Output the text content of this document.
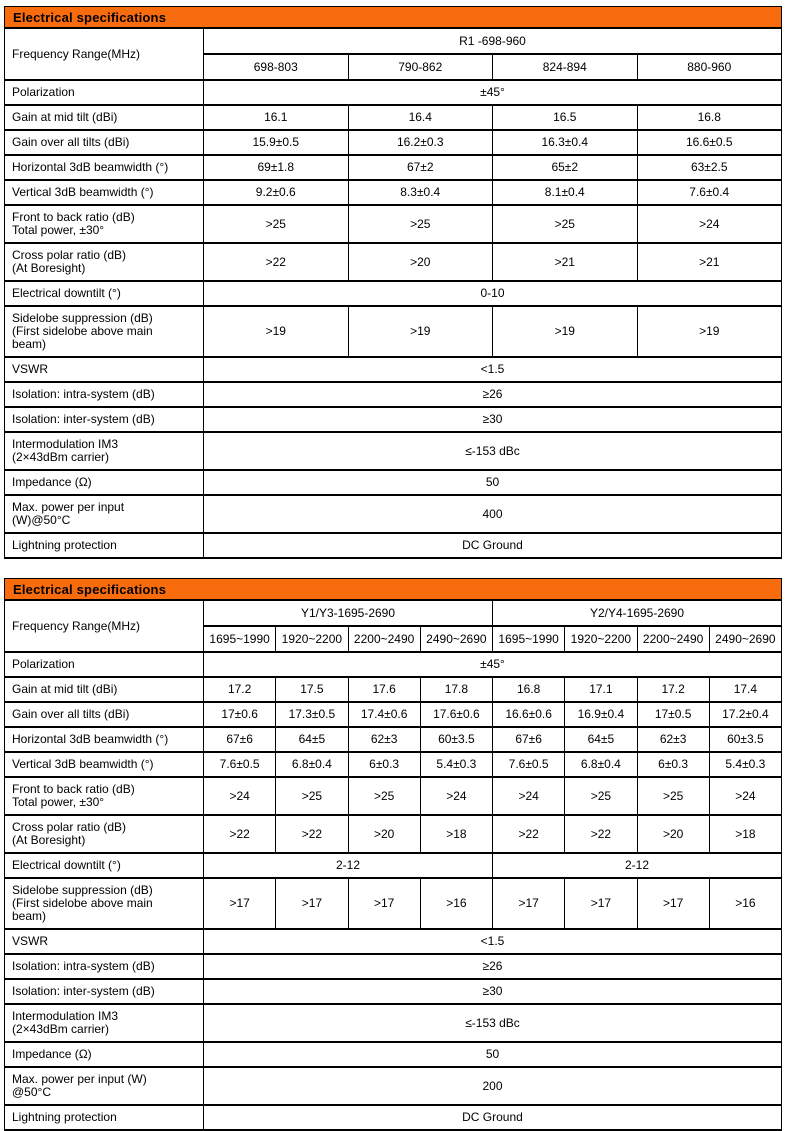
Electrical specifications
Frequency Range(MHz)	R1 -698-960			
	698-803	790-862	824-894	880-960
Polarization	±45°			
Gain at mid tilt (dBi)	16.1	16.4	16.5	16.8
Gain over all tilts (dBi)	15.9±0.5	16.2±0.3	16.3±0.4	16.6±0.5
Horizontal 3dB beamwidth (°)	69±1.8	67±2	65±2	63±2.5
Vertical 3dB beamwidth (°)	9.2±0.6	8.3±0.4	8.1±0.4	7.6±0.4
Front to back ratio (dB)
Total power, ±30°	>25	>25	>25	>24
Cross polar ratio (dB)
(At Boresight)	>22	>20	>21	>21
Electrical downtilt (°)	0-10			
Sidelobe suppression (dB)
(First sidelobe above main
beam)	>19	>19	>19	>19
VSWR	<1.5			
Isolation: intra-system (dB)	≥26			
Isolation: inter-system (dB)	≥30			
Intermodulation IM3
(2×43dBm carrier)	≤-153 dBc			
Impedance (Ω)	50			
Max. power per input
(W)@50°C	400			
Lightning protection	DC Ground			
Electrical specifications
Frequency Range(MHz)	Y1/Y3-1695-2690				Y2/Y4-1695-2690			
	1695~1990	1920~2200	2200~2490	2490~2690	1695~1990	1920~2200	2200~2490	2490~2690
Polarization	±45°							
Gain at mid tilt (dBi)	17.2	17.5	17.6	17.8	16.8	17.1	17.2	17.4
Gain over all tilts (dBi)	17±0.6	17.3±0.5	17.4±0.6	17.6±0.6	16.6±0.6	16.9±0.4	17±0.5	17.2±0.4
Horizontal 3dB beamwidth (°)	67±6	64±5	62±3	60±3.5	67±6	64±5	62±3	60±3.5
Vertical 3dB beamwidth (°)	7.6±0.5	6.8±0.4	6±0.3	5.4±0.3	7.6±0.5	6.8±0.4	6±0.3	5.4±0.3
Front to back ratio (dB)
Total power, ±30°	>24	>25	>25	>24	>24	>25	>25	>24
Cross polar ratio (dB)
(At Boresight)	>22	>22	>20	>18	>22	>22	>20	>18
Electrical downtilt (°)	2-12				2-12			
Sidelobe suppression (dB)
(First sidelobe above main
beam)	>17	>17	>17	>16	>17	>17	>17	>16
VSWR	<1.5							
Isolation: intra-system (dB)	≥26							
Isolation: inter-system (dB)	≥30							
Intermodulation IM3
(2×43dBm carrier)	≤-153 dBc							
Impedance (Ω)	50							
Max. power per input (W)
@50°C	200							
Lightning protection	DC Ground							
